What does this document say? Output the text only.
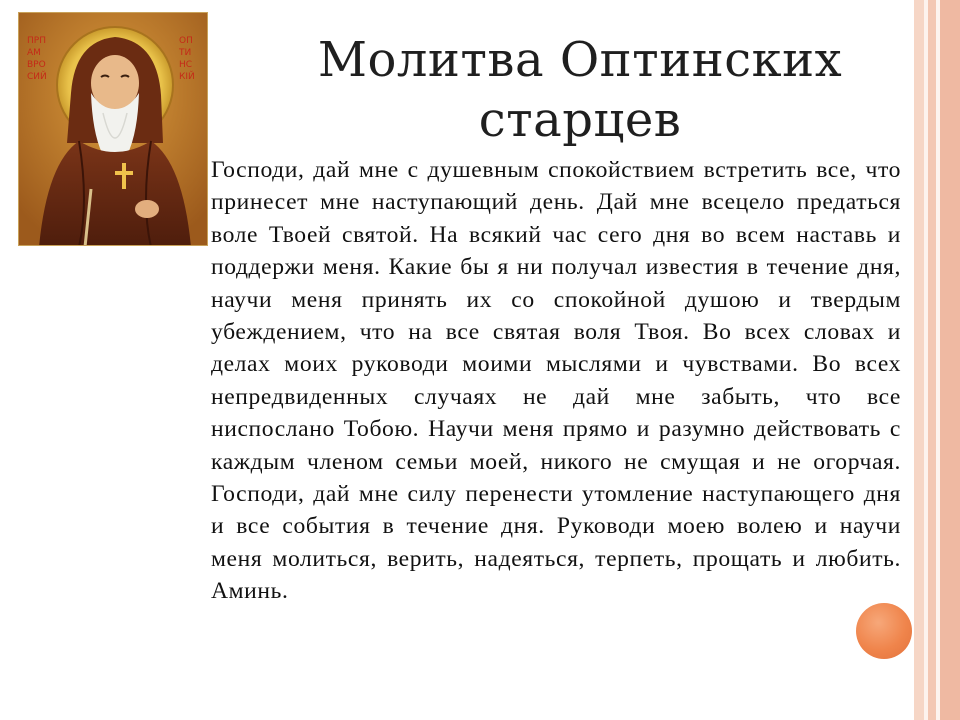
ПРП
АМ
ВРО
СИЙ
ОП
ТИ
НС
КІЙ	Молитва Оптинских
старцев
Господи, дай мне с душевным спокойствием встретить все, что принесет мне наступающий день. Дай мне всецело предаться воле Твоей святой. На всякий час сего дня во всем наставь и поддержи меня. Какие бы я ни получал известия в течение дня, научи меня принять их со спокойной душою и твердым убеждением, что на все святая воля Твоя. Во всех словах и делах моих руководи моими мыслями и чувствами. Во всех непредвиденных случаях не дай мне забыть, что все ниспослано Тобою. Научи меня прямо и разумно действовать с каждым членом семьи моей, никого не смущая и не огорчая. Господи, дай мне силу перенести утомление наступающего дня и все события в течение дня. Руководи моею волею и научи меня молиться, верить, надеяться, терпеть, прощать и любить. Аминь.
